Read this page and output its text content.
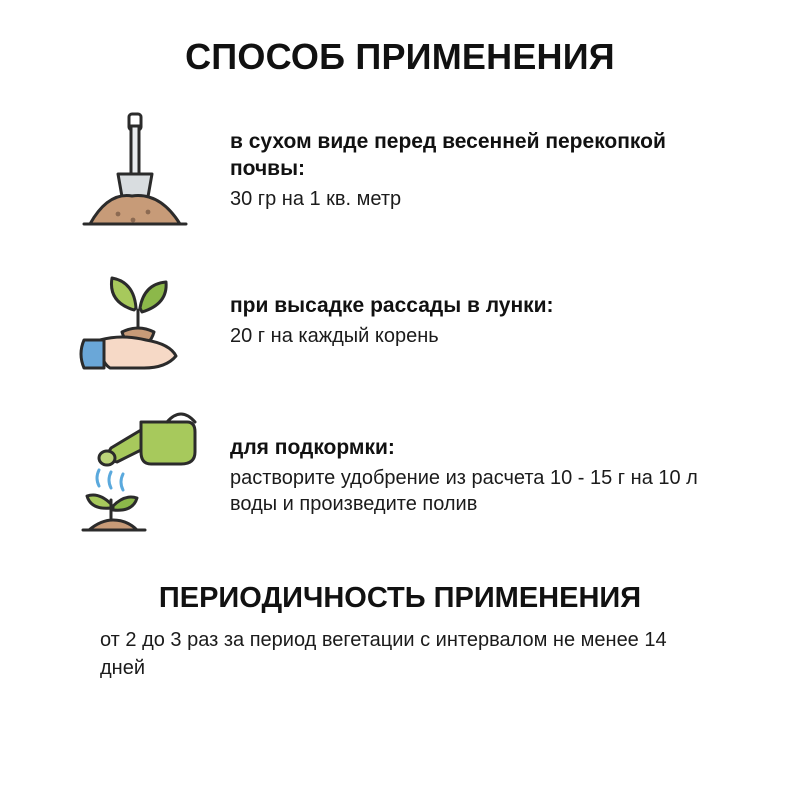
СПОСОБ ПРИМЕНЕНИЯ
в сухом виде перед весенней перекопкой почвы:
30 гр на 1 кв. метр
при высадке рассады в лунки:
20 г на каждый корень
для подкормки:
растворите удобрение из расчета 10 - 15 г на 10 л воды и произведите полив
ПЕРИОДИЧНОСТЬ ПРИМЕНЕНИЯ
от 2 до 3 раз за период вегетации с интервалом не менее 14 дней
